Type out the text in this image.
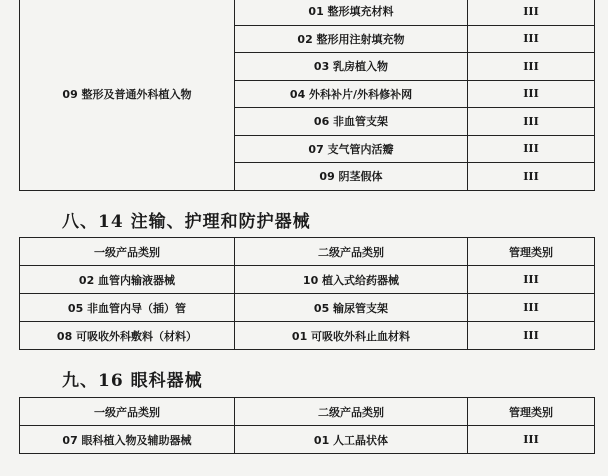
09 整形及普通外科植入物	01 整形填充材料	III
	02 整形用注射填充物	III
	03 乳房植入物	III
	04 外科补片/外科修补网	III
	06 非血管支架	III
	07 支气管内活瓣	III
	09 阴茎假体	III
八、14 注输、护理和防护器械
一级产品类别	二级产品类别	管理类别
02 血管内输液器械	10 植入式给药器械	III
05 非血管内导（插）管	05 输尿管支架	III
08 可吸收外科敷料（材料）	01 可吸收外科止血材料	III
九、16 眼科器械
一级产品类别	二级产品类别	管理类别
07 眼科植入物及辅助器械	01 人工晶状体	III
